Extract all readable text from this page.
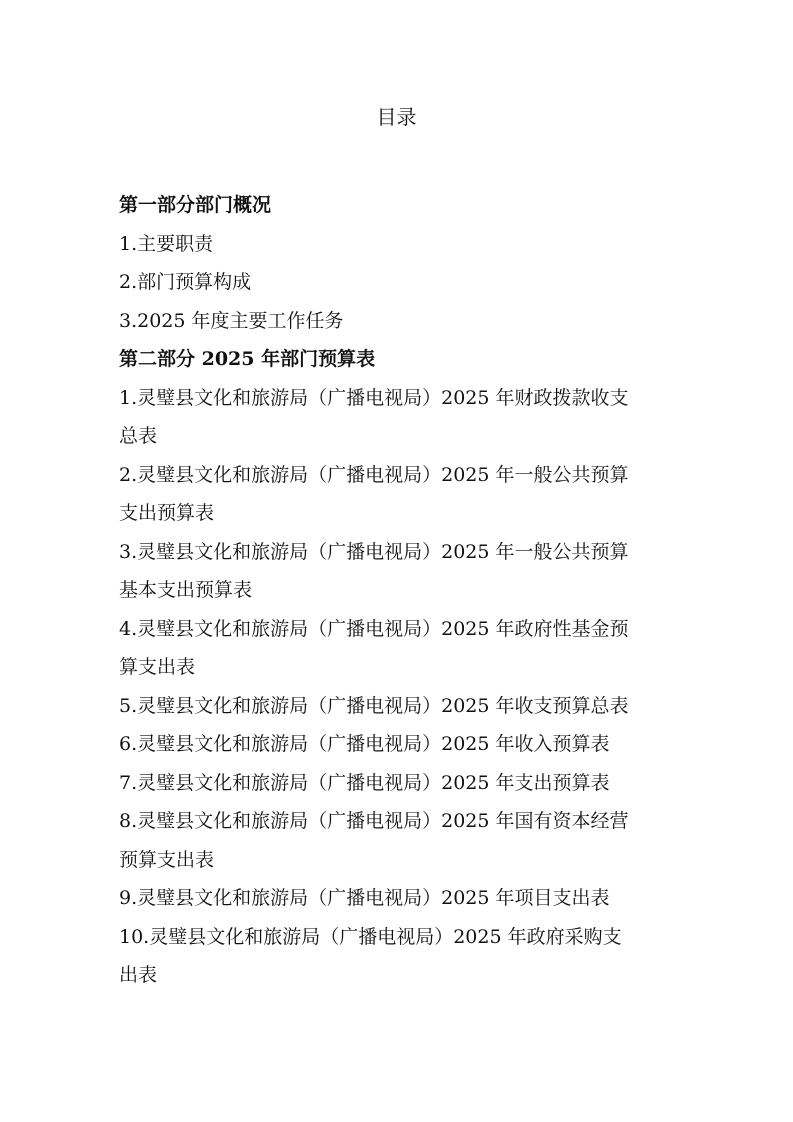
目录
第一部分部门概况
1.主要职责
2.部门预算构成
3.2025 年度主要工作任务
第二部分 2025 年部门预算表
1.灵璧县文化和旅游局（广播电视局）2025 年财政拨款收支
总表
2.灵璧县文化和旅游局（广播电视局）2025 年一般公共预算
支出预算表
3.灵璧县文化和旅游局（广播电视局）2025 年一般公共预算
基本支出预算表
4.灵璧县文化和旅游局（广播电视局）2025 年政府性基金预
算支出表
5.灵璧县文化和旅游局（广播电视局）2025 年收支预算总表
6.灵璧县文化和旅游局（广播电视局）2025 年收入预算表
7.灵璧县文化和旅游局（广播电视局）2025 年支出预算表
8.灵璧县文化和旅游局（广播电视局）2025 年国有资本经营
预算支出表
9.灵璧县文化和旅游局（广播电视局）2025 年项目支出表
10.灵璧县文化和旅游局（广播电视局）2025 年政府采购支
出表
